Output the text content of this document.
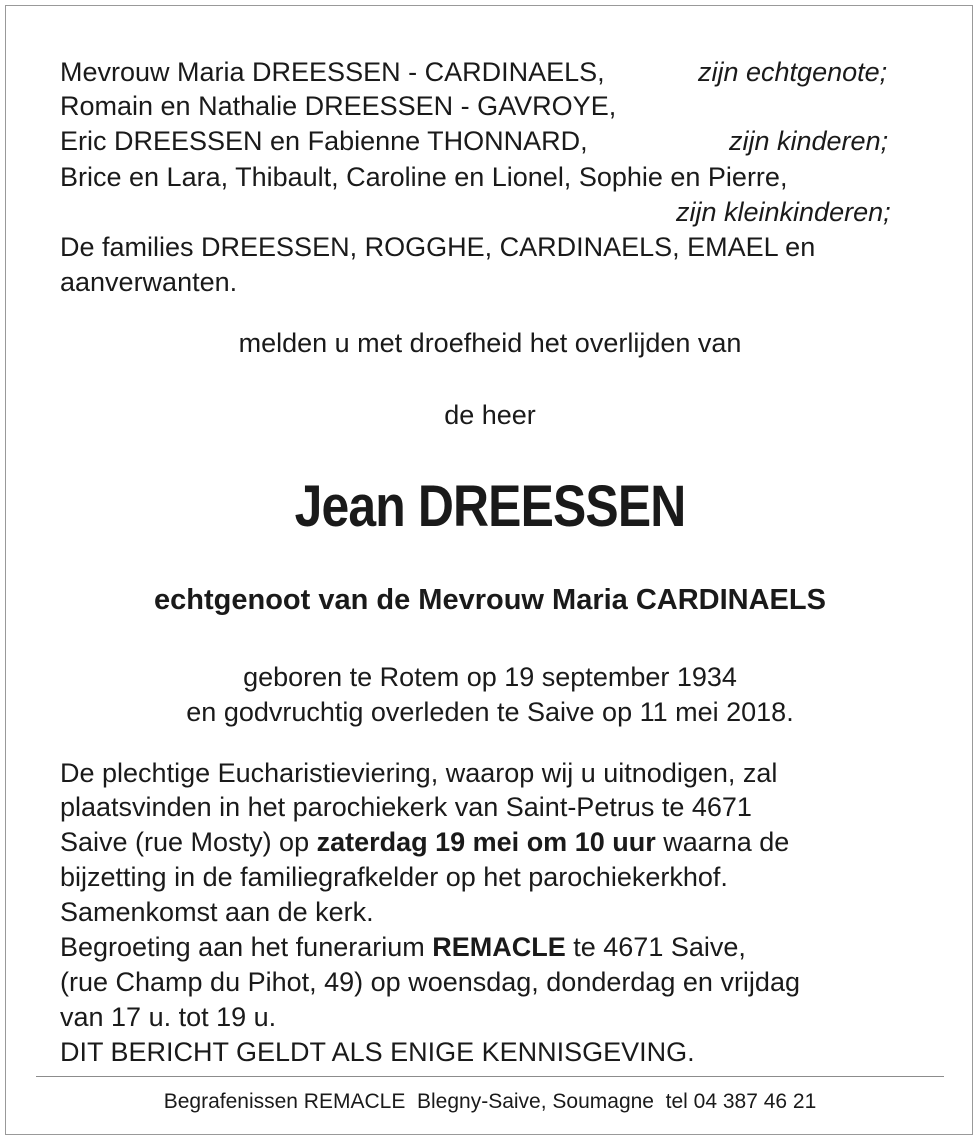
Mevrouw Maria DREESSEN - CARDINAELS,	zijn echtgenote;
Romain en Nathalie DREESSEN - GAVROYE,
Eric DREESSEN en Fabienne THONNARD,	zijn kinderen;
Brice en Lara, Thibault, Caroline en Lionel, Sophie en Pierre,
zijn kleinkinderen;
De families DREESSEN, ROGGHE, CARDINAELS, EMAEL en
aanverwanten.
melden u met droefheid het overlijden van
de heer
Jean DREESSEN
echtgenoot van de Mevrouw Maria CARDINAELS
geboren te Rotem op 19 september 1934
en godvruchtig overleden te Saive op 11 mei 2018.
De plechtige Eucharistieviering, waarop wij u uitnodigen, zal
plaatsvinden in het parochiekerk van Saint-Petrus te 4671
Saive (rue Mosty) op zaterdag 19 mei om 10 uur waarna de
bijzetting in de familiegrafkelder op het parochiekerkhof.
Samenkomst aan de kerk.
Begroeting aan het funerarium REMACLE te 4671 Saive,
(rue Champ du Pihot, 49) op woensdag, donderdag en vrijdag
van 17 u. tot 19 u.
DIT BERICHT GELDT ALS ENIGE KENNISGEVING.
Begrafenissen REMACLE  Blegny-Saive, Soumagne  tel 04 387 46 21
